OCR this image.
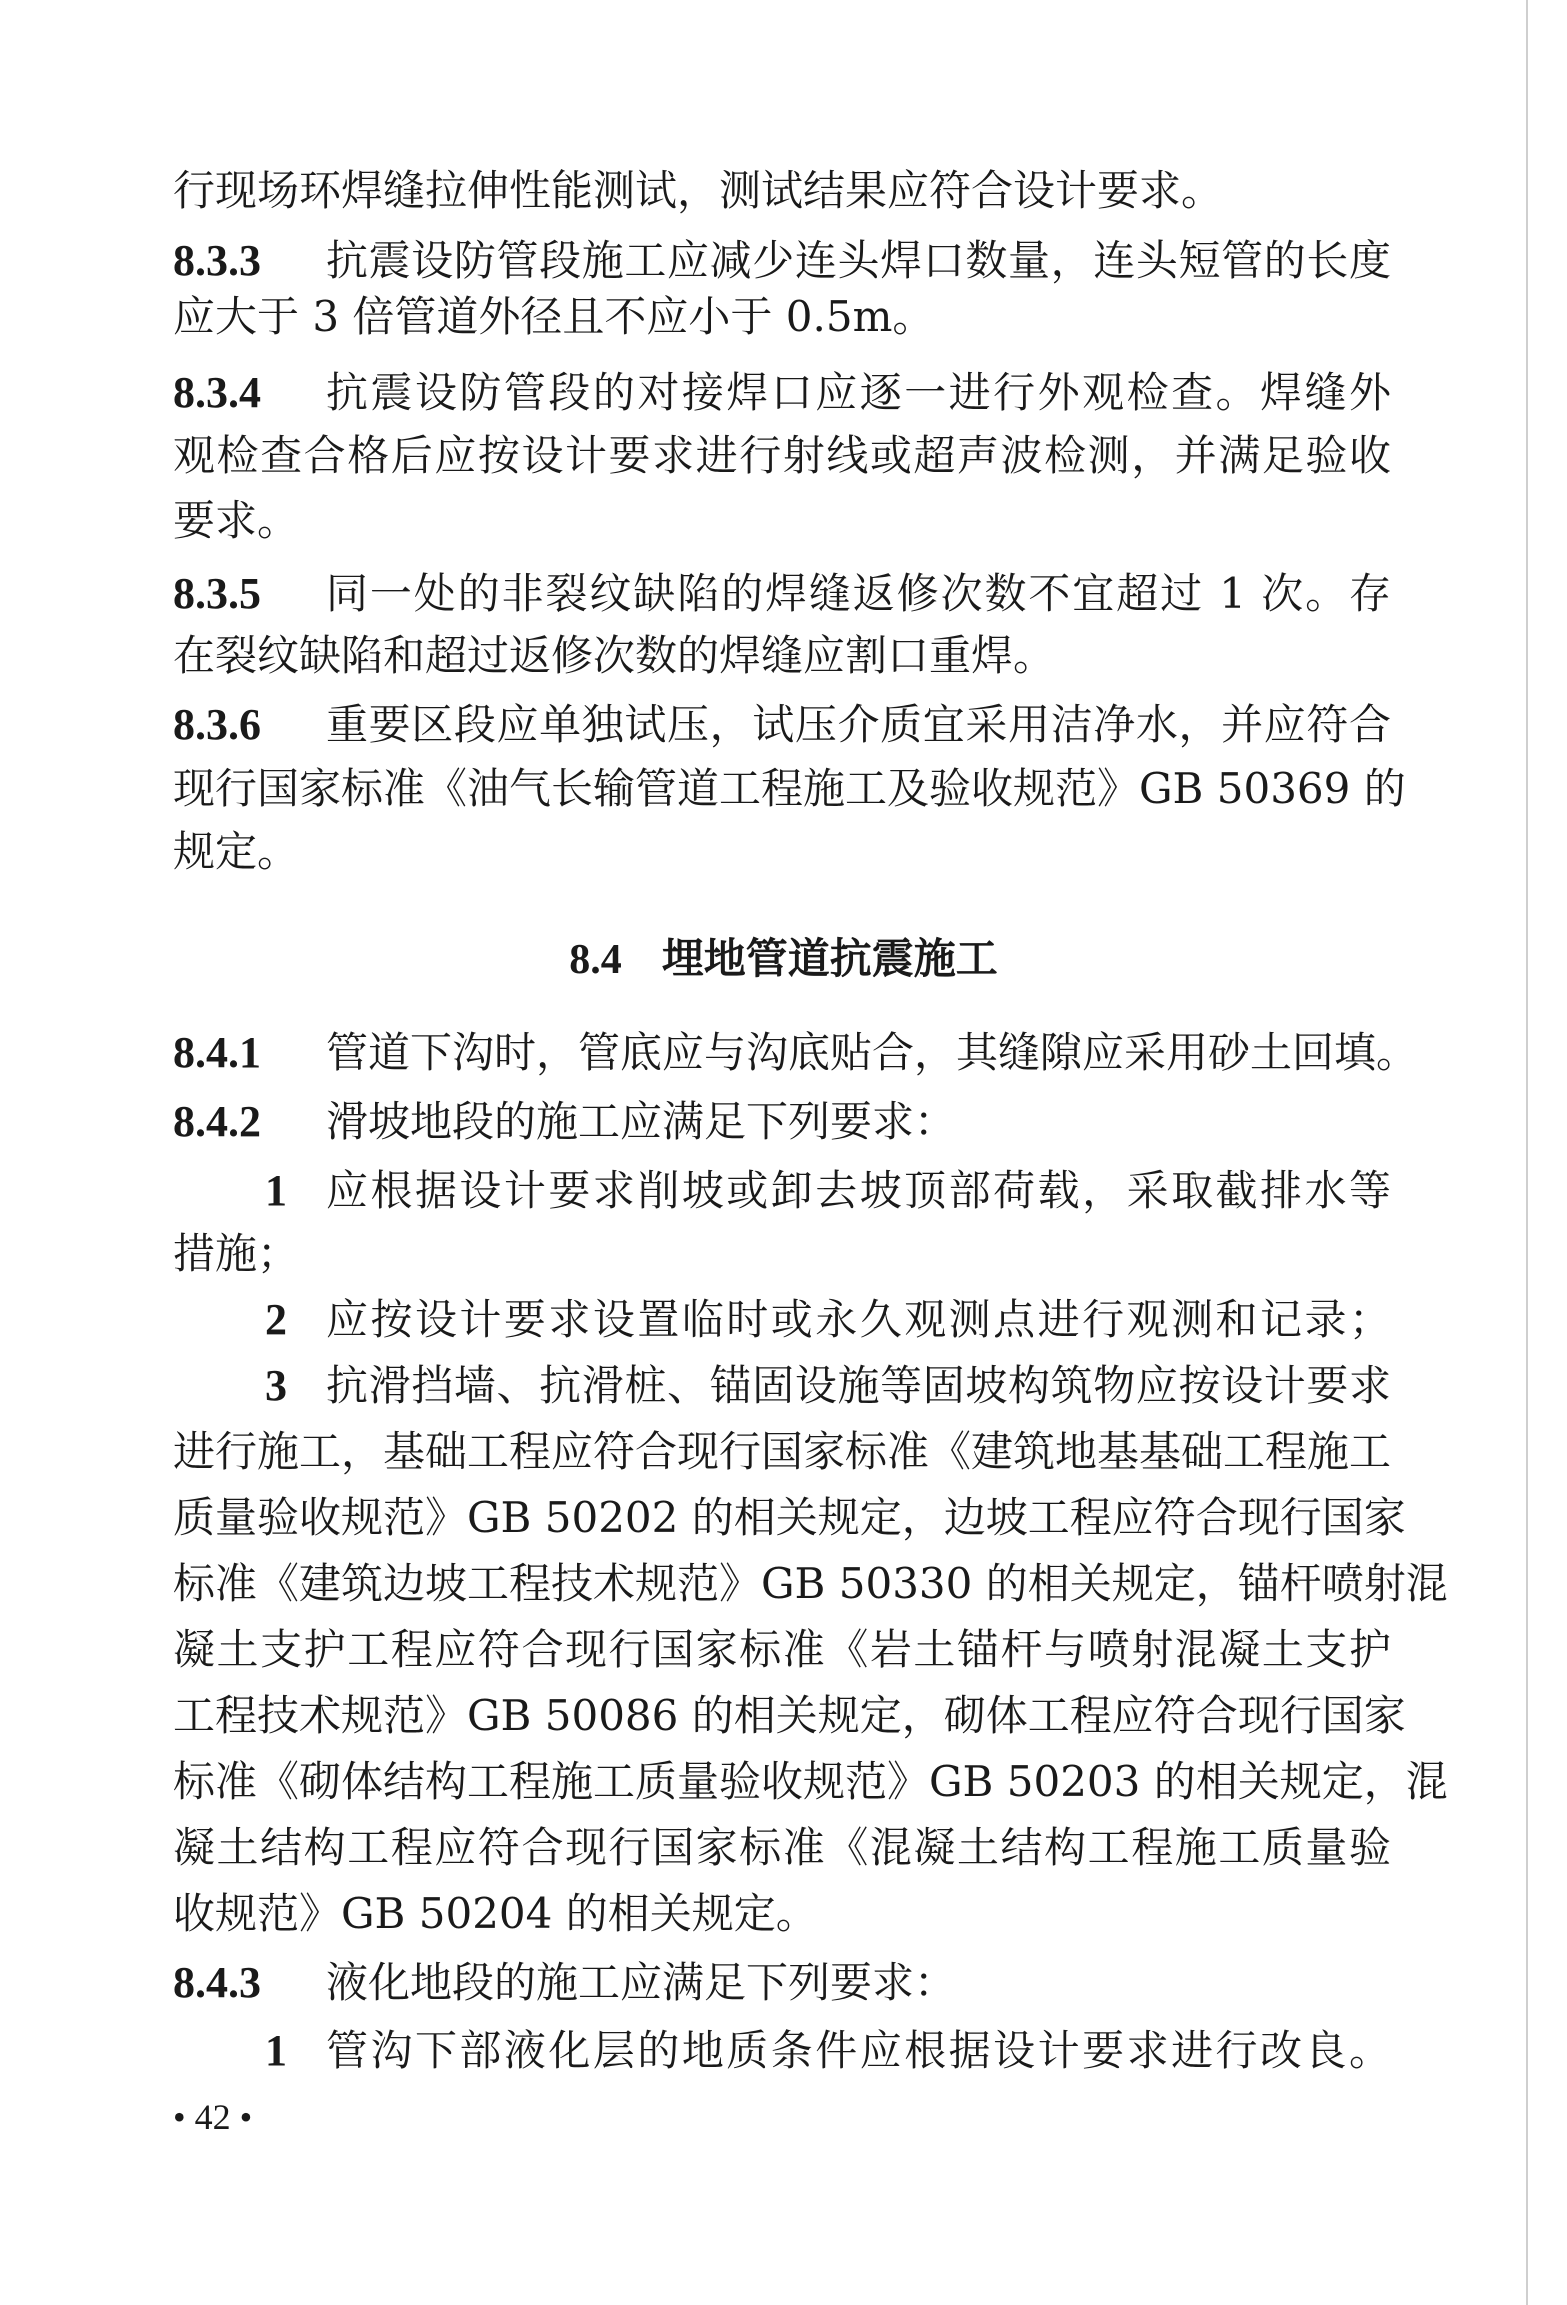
行现场环焊缝拉伸性能测试，测试结果应符合设计要求。
8.3.3 抗震设防管段施工应减少连头焊口数量，连头短管的长度
应大于 3 倍管道外径且不应小于 0.5m。
8.3.4 抗震设防管段的对接焊口应逐一进行外观检查。焊缝外
观检查合格后应按设计要求进行射线或超声波检测，并满足验收
要求。
8.3.5 同一处的非裂纹缺陷的焊缝返修次数不宜超过 1 次。存
在裂纹缺陷和超过返修次数的焊缝应割口重焊。
8.3.6 重要区段应单独试压，试压介质宜采用洁净水，并应符合
现行国家标准《油气长输管道工程施工及验收规范》GB 50369 的
规定。
8.4.1 管道下沟时，管底应与沟底贴合，其缝隙应采用砂土回填。
8.4.2 滑坡地段的施工应满足下列要求：
1 应根据设计要求削坡或卸去坡顶部荷载，采取截排水等
措施；
2 应按设计要求设置临时或永久观测点进行观测和记录；
3 抗滑挡墙、抗滑桩、锚固设施等固坡构筑物应按设计要求
进行施工，基础工程应符合现行国家标准《建筑地基基础工程施工
质量验收规范》GB 50202 的相关规定，边坡工程应符合现行国家
标准《建筑边坡工程技术规范》GB 50330 的相关规定，锚杆喷射混
凝土支护工程应符合现行国家标准《岩土锚杆与喷射混凝土支护
工程技术规范》GB 50086 的相关规定，砌体工程应符合现行国家
标准《砌体结构工程施工质量验收规范》GB 50203 的相关规定，混
凝土结构工程应符合现行国家标准《混凝土结构工程施工质量验
收规范》GB 50204 的相关规定。
8.4.3 液化地段的施工应满足下列要求：
1 管沟下部液化层的地质条件应根据设计要求进行改良。
8.4 埋地管道抗震施工
• 42 •
